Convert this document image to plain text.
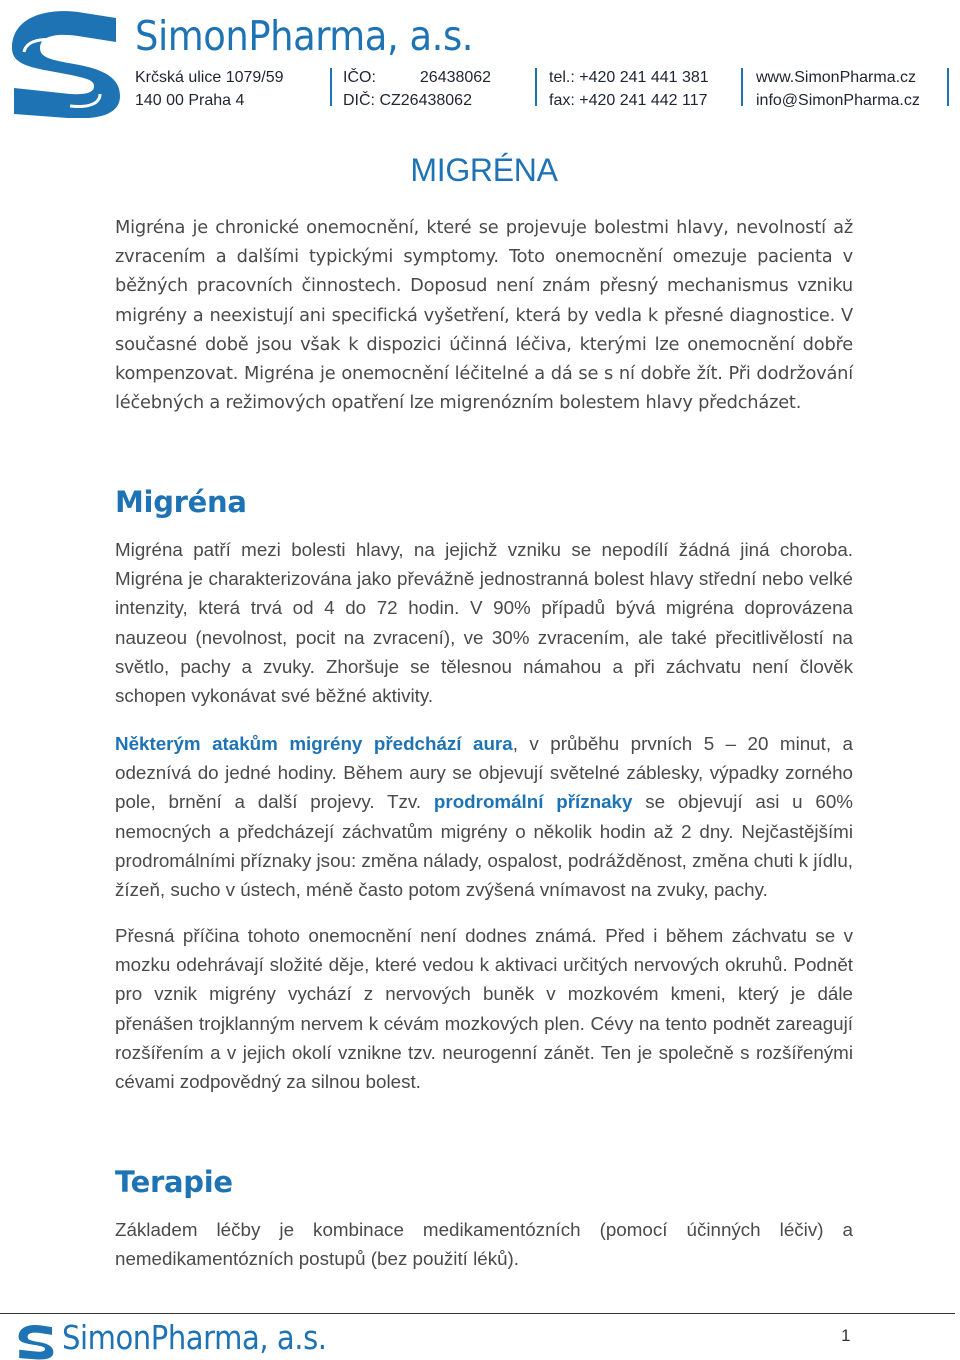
SimonPharma, a.s.
Krčská ulice 1079/59
140 00 Praha 4
IČO:	26438062
DIČ: CZ26438062
tel.: +420 241 441 381
fax: +420 241 442 117
www.SimonPharma.cz
info@SimonPharma.cz
MIGRÉNA

Migréna je chronické onemocnění, které se projevuje bolestmi hlavy, nevolností až zvracením a dalšími typickými symptomy. Toto onemocnění omezuje pacienta v běžných pracovních činnostech. Doposud není znám přesný mechanismus vzniku migrény a neexistují ani specifická vyšetření, která by vedla k přesné diagnostice. V současné době jsou však k dispozici účinná léčiva, kterými lze onemocnění dobře kompenzovat. Migréna je onemocnění léčitelné a dá se s ní dobře žít. Při dodržování léčebných a režimových opatření lze migrenózním bolestem hlavy předcházet.

Migréna

Migréna patří mezi bolesti hlavy, na jejichž vzniku se nepodílí žádná jiná choroba. Migréna je charakterizována jako převážně jednostranná bolest hlavy střední nebo velké intenzity, která trvá od 4 do 72 hodin. V 90% případů bývá migréna doprovázena nauzeou (nevolnost, pocit na zvracení), ve 30% zvracením, ale také přecitlivělostí na světlo, pachy a zvuky. Zhoršuje se tělesnou námahou a při záchvatu není člověk schopen vykonávat své běžné aktivity.

Některým atakům migrény předchází aura, v průběhu prvních 5 – 20 minut, a odeznívá do jedné hodiny. Během aury se objevují světelné záblesky, výpadky zorného pole, brnění a další projevy. Tzv. prodromální příznaky se objevují asi u 60% nemocných a předcházejí záchvatům migrény o několik hodin až 2 dny. Nejčastějšími prodromálními příznaky jsou: změna nálady, ospalost, podrážděnost, změna chuti k jídlu, žízeň, sucho v ústech, méně často potom zvýšená vnímavost na zvuky, pachy.

Přesná příčina tohoto onemocnění není dodnes známá. Před i během záchvatu se v mozku odehrávají složité děje, které vedou k aktivaci určitých nervových okruhů. Podnět pro vznik migrény vychází z nervových buněk v mozkovém kmeni, který je dále přenášen trojklanným nervem k cévám mozkových plen. Cévy na tento podnět zareagují rozšířením a v jejich okolí vznikne tzv. neurogenní zánět. Ten je společně s rozšířenými cévami zodpovědný za silnou bolest.

Terapie

Základem léčby je kombinace medikamentózních (pomocí účinných léčiv) a nemedikamentózních postupů (bez použití léků).

SimonPharma, a.s.	1
